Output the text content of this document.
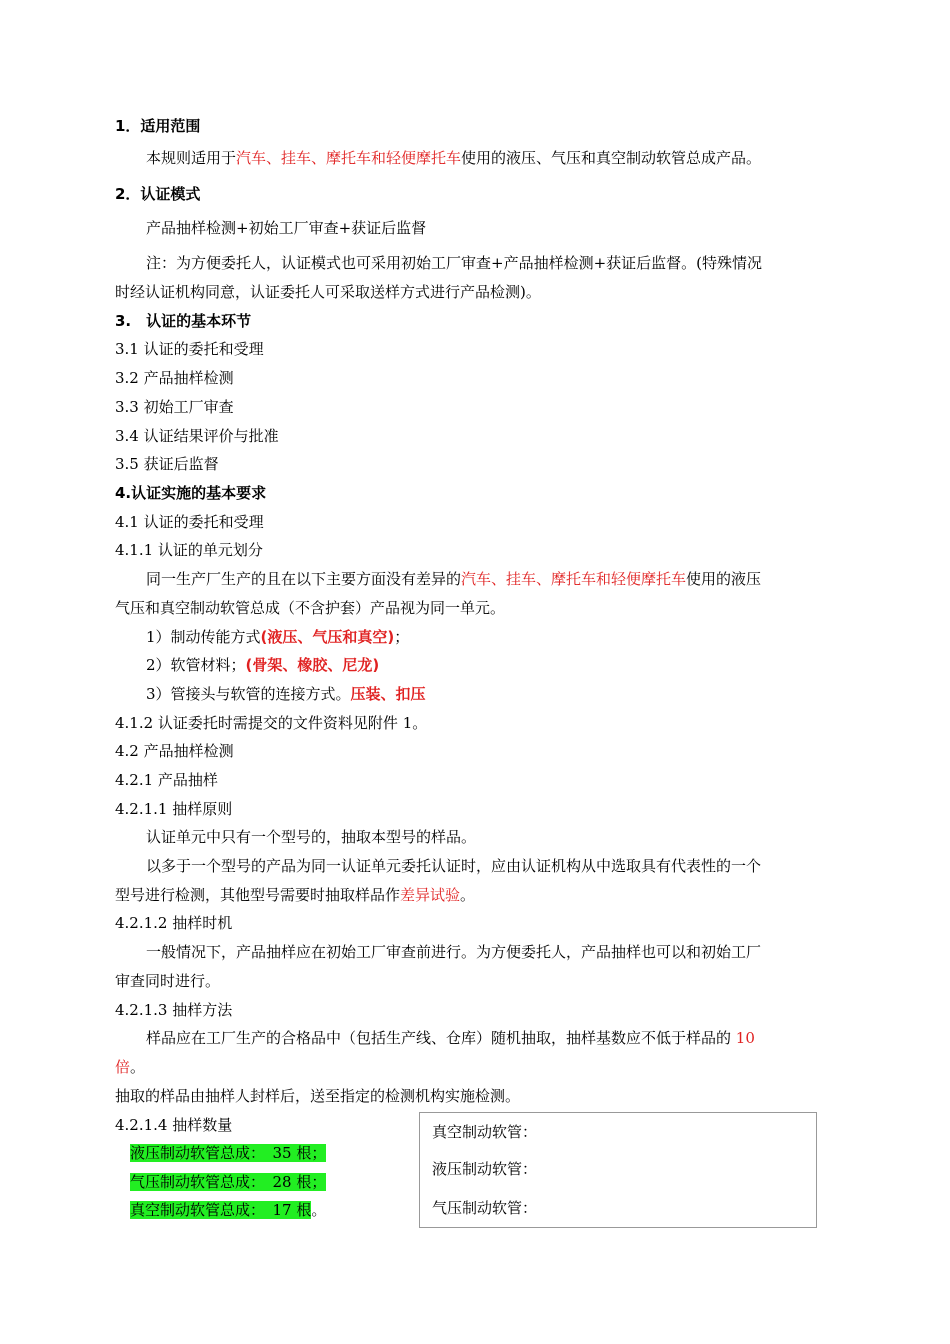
1．适用范围
本规则适用于汽车、挂车、摩托车和轻便摩托车使用的液压、气压和真空制动软管总成产品。
2．认证模式
产品抽样检测+初始工厂审查+获证后监督
注：为方便委托人，认证模式也可采用初始工厂审查+产品抽样检测+获证后监督。(特殊情况
时经认证机构同意，认证委托人可采取送样方式进行产品检测)。
3.　认证的基本环节
3.1 认证的委托和受理
3.2 产品抽样检测
3.3 初始工厂审查
3.4 认证结果评价与批准
3.5 获证后监督
4.认证实施的基本要求
4.1 认证的委托和受理
4.1.1 认证的单元划分
同一生产厂生产的且在以下主要方面没有差异的汽车、挂车、摩托车和轻便摩托车使用的液压
气压和真空制动软管总成（不含护套）产品视为同一单元。
1）制动传能方式(液压、气压和真空)；
2）软管材料；(骨架、橡胶、尼龙)
3）管接头与软管的连接方式。压装、扣压
4.1.2 认证委托时需提交的文件资料见附件 1。
4.2 产品抽样检测
4.2.1 产品抽样
4.2.1.1 抽样原则
认证单元中只有一个型号的，抽取本型号的样品。
以多于一个型号的产品为同一认证单元委托认证时，应由认证机构从中选取具有代表性的一个
型号进行检测，其他型号需要时抽取样品作差异试验。
4.2.1.2 抽样时机
一般情况下，产品抽样应在初始工厂审查前进行。为方便委托人，产品抽样也可以和初始工厂
审查同时进行。
4.2.1.3 抽样方法
样品应在工厂生产的合格品中（包括生产线、仓库）随机抽取，抽样基数应不低于样品的 10
倍。
抽取的样品由抽样人封样后，送至指定的检测机构实施检测。
4.2.1.4 抽样数量
液压制动软管总成：　35 根；
气压制动软管总成：　28 根；
真空制动软管总成：　17 根。
真空制动软管：
液压制动软管：
气压制动软管：
